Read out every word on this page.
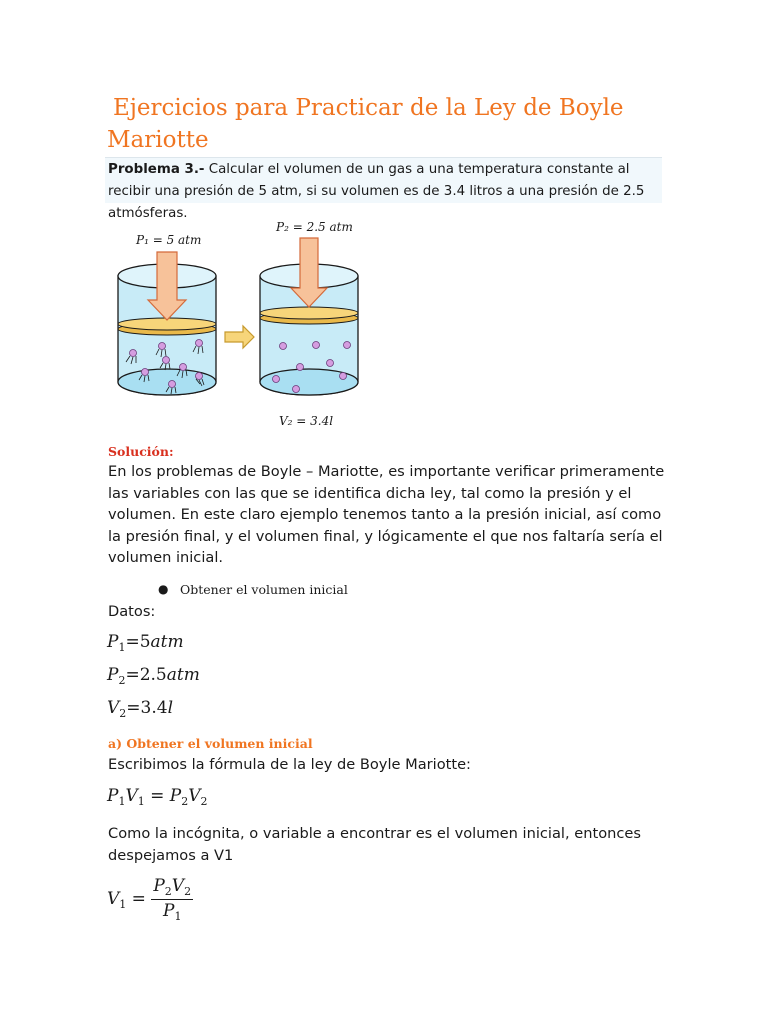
Ejercicios para Practicar de la Ley de Boyle Mariotte
Problema 3.- Calcular el volumen de un gas a una temperatura constante al recibir una presión de 5 atm, si su volumen es de 3.4 litros a una presión de 2.5 atmósferas.
P₁ = 5 atm
P₂ = 2.5 atm
V₂ = 3.4l
Solución:
En los problemas de Boyle – Mariotte, es importante verificar primeramente las variables con las que se identifica dicha ley, tal como la presión y el volumen. En este claro ejemplo tenemos tanto a la presión inicial, así como la presión final, y el volumen final, y lógicamente el que nos faltaría sería el volumen inicial.
● Obtener el volumen inicial
Datos:
$P_1=5atm$
$P_2=2.5atm$
$V_2=3.4l$
a) Obtener el volumen inicial
Escribimos la fórmula de la ley de Boyle Mariotte:
$P_1V_1 = P_2V_2$
Como la incógnita, o variable a encontrar es el volumen inicial, entonces despejamos a V1
$V_1 = \frac{P_2V_2}{P_1}$
